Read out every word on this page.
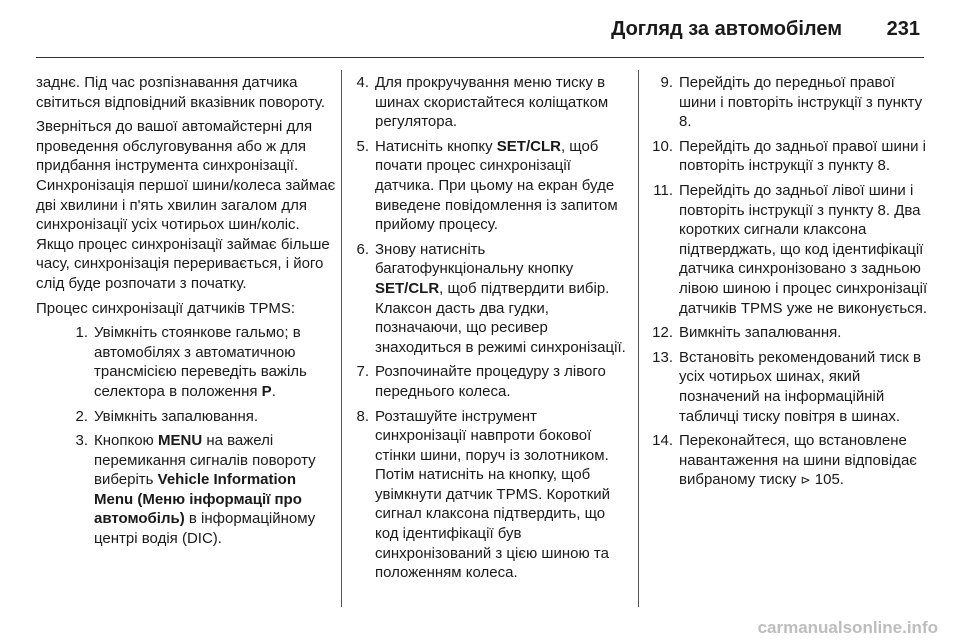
Догляд за автомобілем 231

заднє. Під час розпізнавання датчика світиться відповідний вказівник повороту.

Зверніться до вашої автомайстерні для проведення обслуговування або ж для придбання інструмента синхронізації. Синхронізація першої шини/колеса займає дві хвилини і п'ять хвилин загалом для синхронізації усіх чотирьох шин/коліс. Якщо процес синхронізації займає більше часу, синхронізація переривається, і його слід буде розпочати з початку.

Процес синхронізації датчиків TPMS:

1. Увімкніть стоянкове гальмо; в автомобілях з автоматичною трансмісією переведіть важіль селектора в положення P.
2. Увімкніть запалювання.
3. Кнопкою MENU на важелі перемикання сигналів повороту виберіть Vehicle Information Menu (Меню інформації про автомобіль) в інформаційному центрі водія (DIC).
4. Для прокручування меню тиску в шинах скористайтеся коліщатком регулятора.
5. Натисніть кнопку SET/CLR, щоб почати процес синхронізації датчика. При цьому на екран буде виведене повідомлення із запитом прийому процесу.
6. Знову натисніть багатофункціональну кнопку SET/CLR, щоб підтвердити вибір. Клаксон дасть два гудки, позначаючи, що ресивер знаходиться в режимі синхронізації.
7. Розпочинайте процедуру з лівого переднього колеса.
8. Розташуйте інструмент синхронізації навпроти бокової стінки шини, поруч із золотником. Потім натисніть на кнопку, щоб увімкнути датчик TPMS. Короткий сигнал клаксона підтвердить, що код ідентифікації був синхронізований з цією шиною та положенням колеса.
9. Перейдіть до передньої правої шини і повторіть інструкції з пункту 8.
10. Перейдіть до задньої правої шини і повторіть інструкції з пункту 8.
11. Перейдіть до задньої лівої шини і повторіть інструкції з пункту 8. Два коротких сигнали клаксона підтверджать, що код ідентифікації датчика синхронізовано з задньою лівою шиною і процес синхронізації датчиків TPMS уже не виконується.
12. Вимкніть запалювання.
13. Встановіть рекомендований тиск в усіх чотирьох шинах, який позначений на інформаційній табличці тиску повітря в шинах.
14. Переконайтеся, що встановлене навантаження на шини відповідає вибраному тиску ⊳ 105.
carmanualsonline.info
